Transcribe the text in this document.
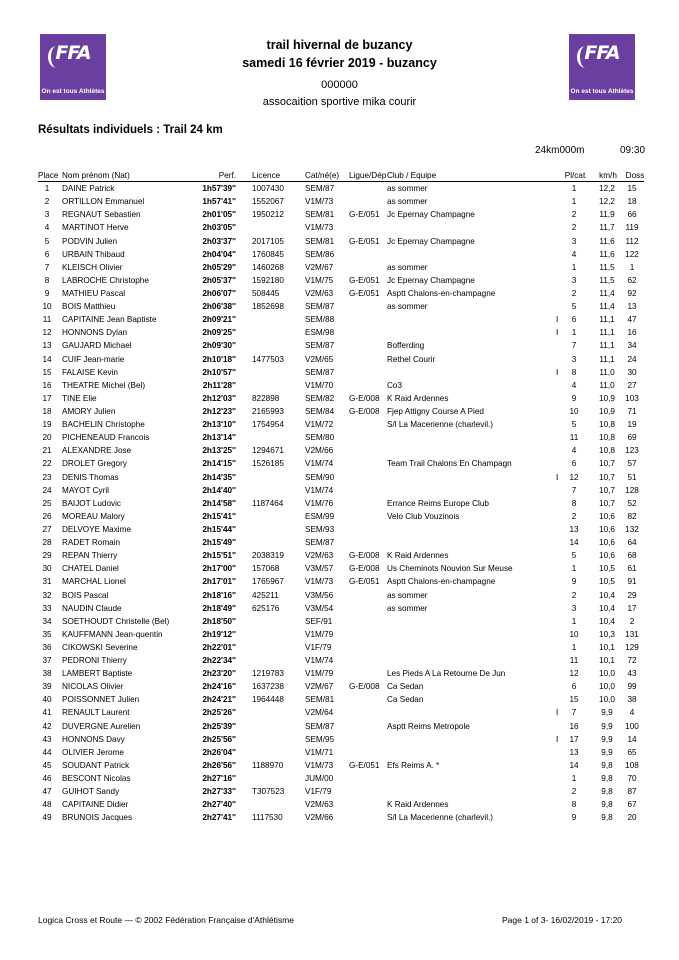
FFA
On est tous Athlètes
FFA
On est tous Athlètes
trail hivernal de buzancy
samedi 16 février 2019 - buzancy
000000
assocaition sportive mika courir
Résultats individuels : Trail 24 km
24km000m	09:30
Place Nom prénom (Nat)	Perf. Licence	Cat/né(e) Ligue/Dép Club / Equipe	Pl/cat km/h	Doss
1	DAINE Patrick	1h57'39'' 1007430	SEM/87	as sommer	1	12,2	15
2	ORTILLON Emmanuel	1h57'41'' 1552067	V1M/73	as sommer	1	12,2	18
3	REGNAUT Sebastien	2h01'05'' 1950212	SEM/81 G-E/051 Jc Epernay Champagne	2	11,9	66
4	MARTINOT Herve	2h03'05''	V1M/73	2	11,7	119
5	PODVIN Julien	2h03'37'' 2017105	SEM/81 G-E/051 Jc Epernay Champagne	3	11,6	112
6	URBAIN Thibaud	2h04'04'' 1760845	SEM/86	4	11,6 122
7	KLEISCH Olivier	2h05'29'' 1460268	V2M/67	as sommer	1	11,5	1
8	LABROCHE Christophe	2h05'37'' 1592180	V1M/75 G-E/051 Jc Epernay Champagne	3	11,5	62
9	MATHIEU Pascal	2h06'07'' 508445	V2M/63 G-E/051 Asptt Chalons-en-champagne	2	11,4	92
10	BOIS Matthieu	2h06'38'' 1852698	SEM/87	as sommer	5	11,4	13
11	CAPITAINE Jean Baptiste	2h09'21''	SEM/88	I	6	11,1	47
12	HONNONS Dylan	2h09'25''	ESM/98	I	1	11,1	16
13	GAUJARD Michael	2h09'30''	SEM/87	Bofferding	7	11,1	34
14	CUIF Jean-marie	2h10'18'' 1477503	V2M/65	Rethel Courir	3	11,1	24
15	FALAISE Kevin	2h10'57''	SEM/87	I	8	11,0	30
16	THEATRE Michel (Bel)	2h11'28''	V1M/70	Co3	4	11,0	27
17	TINE Elie	2h12'03'' 822898	SEM/82 G-E/008 K Raid Ardennes	9	10,9 103
18	AMORY Julien	2h12'23'' 2165993	SEM/84 G-E/008 Fjep Attigny Course A Pied	10	10,9	71
19	BACHELIN Christophe	2h13'10'' 1754954	V1M/72	S/l La Macerienne (charlevil.)	5	10,8	19
20	PICHENEAUD Francois	2h13'14''	SEM/80	11	10,8	69
21	ALEXANDRE Jose	2h13'25'' 1294671	V2M/66	4	10,8 123
22	DROLET Gregory	2h14'15'' 1526185	V1M/74	Team Trail Chalons En Champagn	6	10,7	57
23	DENIS Thomas	2h14'35''	SEM/90	I	12	10,7	51
24	MAYOT Cyril	2h14'40''	V1M/74	7	10,7 128
25	BAIJOT Ludovic	2h14'58'' 1187464	V1M/76	Errance Reims Europe Club	8	10,7	52
26	MOREAU Malory	2h15'41''	ESM/99	Velo Club Vouzinois	2	10,6	82
27	DELVOYE Maxime	2h15'44''	SEM/93	13	10,6 132
28	RADET Romain	2h15'49''	SEM/87	14	10,6	64
29	REPAN Thierry	2h15'51'' 2038319	V2M/63 G-E/008 K Raid Ardennes	5	10,6	68
30	CHATEL Daniel	2h17'00'' 157068	V3M/57 G-E/008 Us Cheminots Nouvion Sur Meuse	1	10,5	61
31	MARCHAL Lionel	2h17'01'' 1765967	V1M/73 G-E/051 Asptt Chalons-en-champagne	9	10,5	91
32	BOIS Pascal	2h18'16'' 425211	V3M/56	as sommer	2	10,4	29
33	NAUDIN Claude	2h18'49'' 625176	V3M/54	as sommer	3	10,4	17
34	SOETHOUDT Christelle (Bel)	2h18'50''	SEF/91	1	10,4	2
35	KAUFFMANN Jean-quentin	2h19'12''	V1M/79	10	10,3 131
36	CIKOWSKI Severine	2h22'01''	V1F/79	1	10,1 129
37	PEDRONI Thierry	2h22'34''	V1M/74	11	10,1	72
38	LAMBERT Baptiste	2h23'20'' 1219783	V1M/79	Les Pieds A La Retourne De Jun	12	10,0	43
39	NICOLAS Olivier	2h24'16'' 1637238	V2M/67 G-E/008 Ca Sedan	6	10,0	99
40	POISSONNET Julien	2h24'21'' 1964448	SEM/81	Ca Sedan	15	10,0	38
41	RENAULT Laurent	2h25'26''	V2M/64	I	7	9,9	4
42	DUVERGNE Aurelien	2h25'39''	SEM/87	Asptt Reims Metropole	16	9,9	100
43	HONNONS Davy	2h25'56''	SEM/95	I	17	9,9	14
44	OLIVIER Jerome	2h26'04''	V1M/71	13	9,9	65
45	SOUDANT Patrick	2h26'56'' 1188970	V1M/73 G-E/051 Efs Reims A. *	14	9,8	108
46	BESCONT Nicolas	2h27'16''	JUM/00	1	9,8	70
47	GUIHOT Sandy	2h27'33'' T307523	V1F/79	2	9,8	87
48	CAPITAINE Didier	2h27'40''	V2M/63	K Raid Ardennes	8	9,8	67
49	BRUNOIS Jacques	2h27'41'' 1117530	V2M/66	S/l La Macerienne (charlevil.)	9	9,8	20
Logica Cross et Route — © 2002 Fédération Française d'Athlétisme	Page 1 of 3- 16/02/2019 - 17:20
